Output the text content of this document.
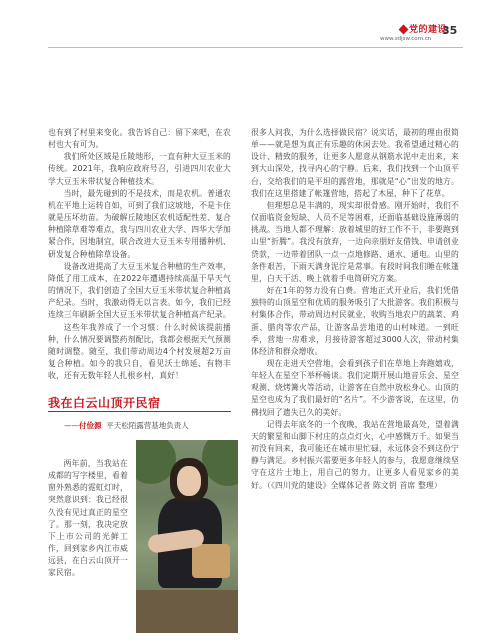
党的建设
www.sdjsw.com.cn
35

也有到了村里来变化。我告诉自己：留下来吧，在农村也大有可为。

我们所处区域是丘陵地形，一直有种大豆玉米的传统。2021年，我响应政府号召，引进四川农业大学大豆玉米带状复合种植技术。

当时，最先碰到的不是技术，而是农机。普通农机在平地上运转自如，可到了我们这坡地，不是卡住就是压坏幼苗。为破解丘陵地区农机适配性差、复合种植除草难等难点，我与四川农业大学、四华大学加紧合作，因地制宜，联合改进大豆玉米专用播种机、研发复合种植除草设备。

设备改进提高了大豆玉米复合种植的生产效率，降低了用工成本，在2022年遭遇持续高温干旱天气的情况下，我们创造了全国大豆玉米带状复合种植高产纪录。当时，我激动得无以言表。如今，我们已经连续三年刷新全国大豆玉米带状复合种植高产纪录。

这些年我养成了一个习惯：什么时候该提前播种，什么情况要调整药剂配比，我都会根据天气预测随时调整。随至，我们带动周边4个村发展超2万亩复合种植。如今的我只自，看见沃土绵延、有物丰收，还有无数年轻人扎根乡村，真好！

我在白云山顶开民宿
——付俭源 平天松陌露营基地负责人

两年前，当我站在成都的写字楼里，看着窗外熟悉的霓虹灯时，突然意识到：我已经很久没有见过真正的星空了。那一刻，我决定放下上市公司的光鲜工作，回到家乡内江市威远县，在白云山顶开一家民宿。

很多人问我，为什么选择做民宿？说实话，最初的理由很简单——就是想为真正有乐趣的休闲去处。我希望通过精心的设计、精致的服务，让更多人愿意从钢筋水泥中走出来，来到大山深处，找寻内心的宁静。后来，我们找到一个山顶平台，交给我们的是平坦的露营地，那就是“心”出发的地方。我们在这里搭建了帐篷营地，搭起了木屋，种下了花草。

但理想总是丰满的，现实却很骨感。刚开始时，我们不仅面临资金短缺、人员不足等困难，还面临基础设施薄弱的挑战。当地人都不理解：放着城里的好工作不干，非要跑到山里“折腾”。我没有放弃，一边向亲朋好友借钱、申请创业贷款，一边带着团队一点一点地修路、通水、通电。山里的条件艰苦，下雨天满身泥泞是常事。有段时间我们睡在帐篷里，白天干活、晚上就着手电筒研究方案。

好在1年的努力没有白费。营地正式开业后，我们凭借独特的山顶星空和优质的服务吸引了大批游客。我们积极与村集体合作，带动周边村民就业，收购当地农户的蔬菜、鸡蛋、腊肉等农产品，让游客品尝地道的山村味道。一到旺季，营地一房难求，月接待游客超过3000人次，带动村集体经济和群众增收。

现在走进天空营地，会看到孩子们在草地上奔跑嬉戏，年轻人在星空下举杯畅谈。我们定期开展山地音乐会、星空观测、烧烤篝火等活动，让游客在自然中放松身心。山顶的星空也成为了我们最好的“名片”。不少游客说，在这里，仿佛找回了遗失已久的美好。

记得去年底冬的一个夜晚，我站在营地最高处，望着满天的繁星和山脚下村庄的点点灯火，心中感慨万千。如果当初没有回来，我可能还在城市里忙碌，永远体会不到这份宁静与满足。乡村振兴需要更多年轻人的参与，我愿意继续坚守在这片土地上，用自己的努力，让更多人看见家乡的美好。（《四川党的建设》全媒体记者 陈文钥 首席 整理）
